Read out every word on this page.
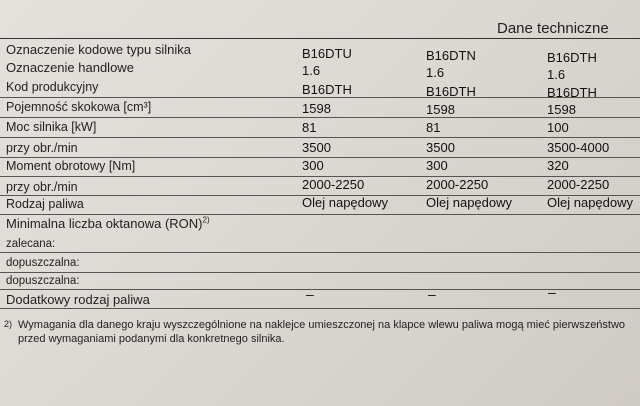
Dane techniczne
Oznaczenie kodowe typu silnika	B16DTU	B16DTN	B16DTH
Oznaczenie handlowe	1.6	1.6	1.6
Kod produkcyjny	B16DTH	B16DTH	B16DTH
Pojemność skokowa [cm³]	1598	1598	1598
Moc silnika [kW]	81	81	100
przy obr./min	3500	3500	3500-4000
Moment obrotowy [Nm]	300	300	320
przy obr./min	2000-2250	2000-2250	2000-2250
Rodzaj paliwa	Olej napędowy	Olej napędowy	Olej napędowy
Minimalna liczba oktanowa (RON)$^{2)}$
zalecana:
dopuszczalna:
dopuszczalna:
Dodatkowy rodzaj paliwa	–	–	–
2) Wymagania dla danego kraju wyszczególnione na naklejce umieszczonej na klapce wlewu paliwa mogą mieć pierwszeństwo przed wymaganiami podanymi dla konkretnego silnika.
